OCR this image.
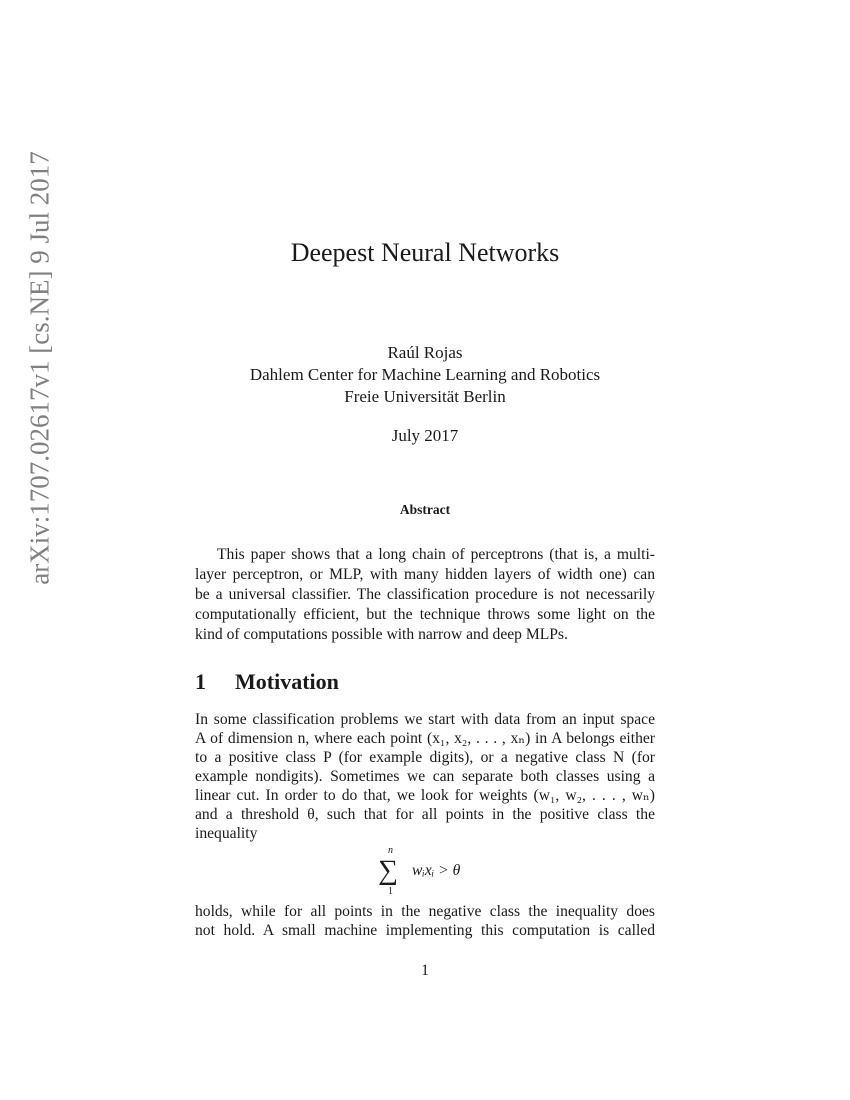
arXiv:1707.02617v1 [cs.NE] 9 Jul 2017	Deepest Neural Networks
Raúl Rojas
Dahlem Center for Machine Learning and Robotics
Freie Universität Berlin
July 2017
Abstract
This paper shows that a long chain of perceptrons (that is, a multi-
layer perceptron, or MLP, with many hidden layers of width one) can
be a universal classifier. The classification procedure is not necessarily
computationally efficient, but the technique throws some light on the
kind of computations possible with narrow and deep MLPs.
1 Motivation
In some classification problems we start with data from an input space
A of dimension n, where each point (x₁, x₂, . . . , xₙ) in A belongs either
to a positive class P (for example digits), or a negative class N (for
example nondigits). Sometimes we can separate both classes using a
linear cut. In order to do that, we look for weights (w₁, w₂, . . . , wₙ)
and a threshold θ, such that for all points in the positive class the
inequality
n
∑
1
wᵢxᵢ > θ
holds, while for all points in the negative class the inequality does
not hold. A small machine implementing this computation is called
1
